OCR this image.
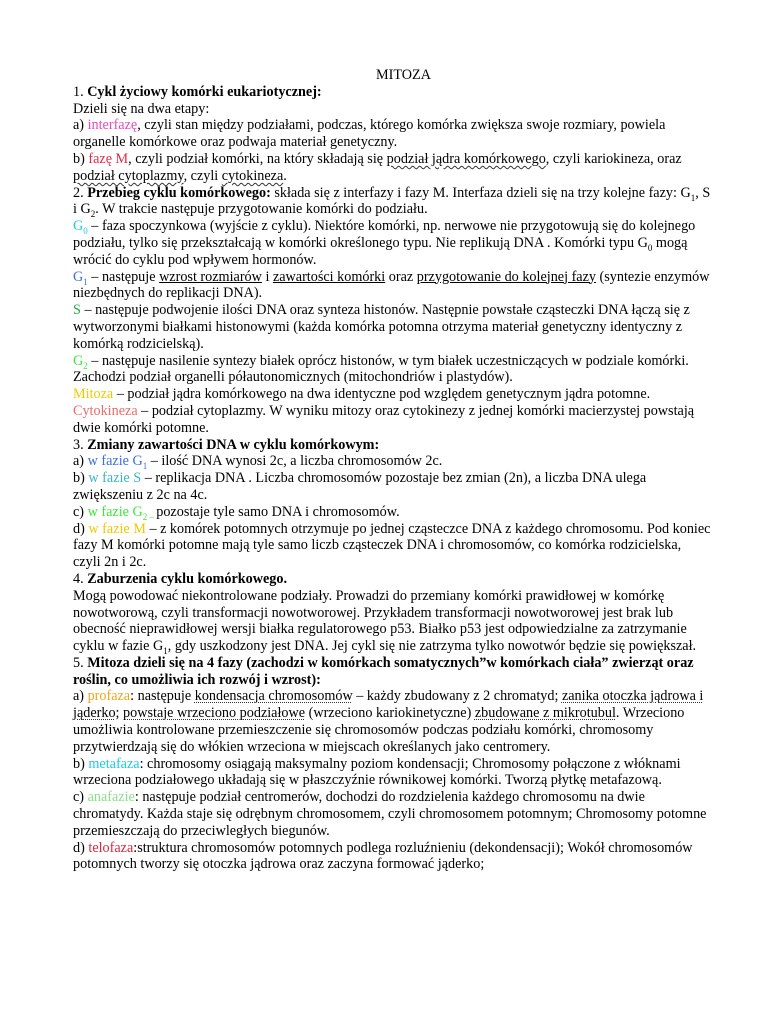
MITOZA

1. Cykl życiowy komórki eukariotycznej:

Dzieli się na dwa etapy:

a) interfazę, czyli stan między podziałami, podczas, którego komórka zwiększa swoje rozmiary, powiela organelle komórkowe oraz podwaja materiał genetyczny.

b) fazę M, czyli podział komórki, na który składają się podział jądra komórkowego, czyli kariokineza, oraz podział cytoplazmy, czyli cytokineza.

2. Przebieg cyklu komórkowego: składa się z interfazy i fazy M. Interfaza dzieli się na trzy kolejne fazy: $G_1$, S i $G_2$. W trakcie następuje przygotowanie komórki do podziału.

$G_0$ – faza spoczynkowa (wyjście z cyklu). Niektóre komórki, np. nerwowe nie przygotowują się do kolejnego podziału, tylko się przekształcają w komórki określonego typu. Nie replikują DNA . Komórki typu $G_0$ mogą wrócić do cyklu pod wpływem hormonów.

$G_1$ – następuje wzrost rozmiarów i zawartości komórki oraz przygotowanie do kolejnej fazy (syntezie enzymów niezbędnych do replikacji DNA).

S – następuje podwojenie ilości DNA oraz synteza histonów. Następnie powstałe cząsteczki DNA łączą się z wytworzonymi białkami histonowymi (każda komórka potomna otrzyma materiał genetyczny identyczny z komórką rodzicielską).

$G_2$ – następuje nasilenie syntezy białek oprócz histonów, w tym białek uczestniczących w podziale komórki. Zachodzi podział organelli półautonomicznych (mitochondriów i plastydów).

Mitoza – podział jądra komórkowego na dwa identyczne pod względem genetycznym jądra potomne.

Cytokineza – podział cytoplazmy. W wyniku mitozy oraz cytokinezy z jednej komórki macierzystej powstają dwie komórki potomne.

3. Zmiany zawartości DNA w cyklu komórkowym:

a) w fazie $G_1$ – ilość DNA wynosi 2c, a liczba chromosomów 2c.

b) w fazie S – replikacja DNA . Liczba chromosomów pozostaje bez zmian (2n), a liczba DNA ulega zwiększeniu z 2c na 4c.

c) w fazie $G_{2 -}$ pozostaje tyle samo DNA i chromosomów.

d) w fazie M – z komórek potomnych otrzymuje po jednej cząsteczce DNA z każdego chromosomu. Pod koniec fazy M komórki potomne mają tyle samo liczb cząsteczek DNA i chromosomów, co komórka rodzicielska, czyli 2n i 2c.

4. Zaburzenia cyklu komórkowego.

Mogą powodować niekontrolowane podziały. Prowadzi do przemiany komórki prawidłowej w komórkę nowotworową, czyli transformacji nowotworowej. Przykładem transformacji nowotworowej jest brak lub obecność nieprawidłowej wersji białka regulatorowego p53. Białko p53 jest odpowiedzialne za zatrzymanie cyklu w fazie $G_1$, gdy uszkodzony jest DNA. Jej cykl się nie zatrzyma tylko nowotwór będzie się powiększał.

5. Mitoza dzieli się na 4 fazy (zachodzi w komórkach somatycznych”w komórkach ciała” zwierząt oraz roślin, co umożliwia ich rozwój i wzrost):

a) profaza: następuje kondensacja chromosomów – każdy zbudowany z 2 chromatyd; zanika otoczka jądrowa i jąderko; powstaje wrzeciono podziałowe (wrzeciono kariokinetyczne) zbudowane z mikrotubul. Wrzeciono umożliwia kontrolowane przemieszczenie się chromosomów podczas podziału komórki, chromosomy przytwierdzają się do włókien wrzeciona w miejscach określanych jako centromery.

b) metafaza: chromosomy osiągają maksymalny poziom kondensacji; Chromosomy połączone z włóknami wrzeciona podziałowego układają się w płaszczyźnie równikowej komórki. Tworzą płytkę metafazową.

c) anafazie: następuje podział centromerów, dochodzi do rozdzielenia każdego chromosomu na dwie chromatydy. Każda staje się odrębnym chromosomem, czyli chromosomem potomnym; Chromosomy potomne przemieszczają do przeciwległych biegunów.

d) telofaza:struktura chromosomów potomnych podlega rozluźnieniu (dekondensacji); Wokół chromosomów potomnych tworzy się otoczka jądrowa oraz zaczyna formować jąderko;
